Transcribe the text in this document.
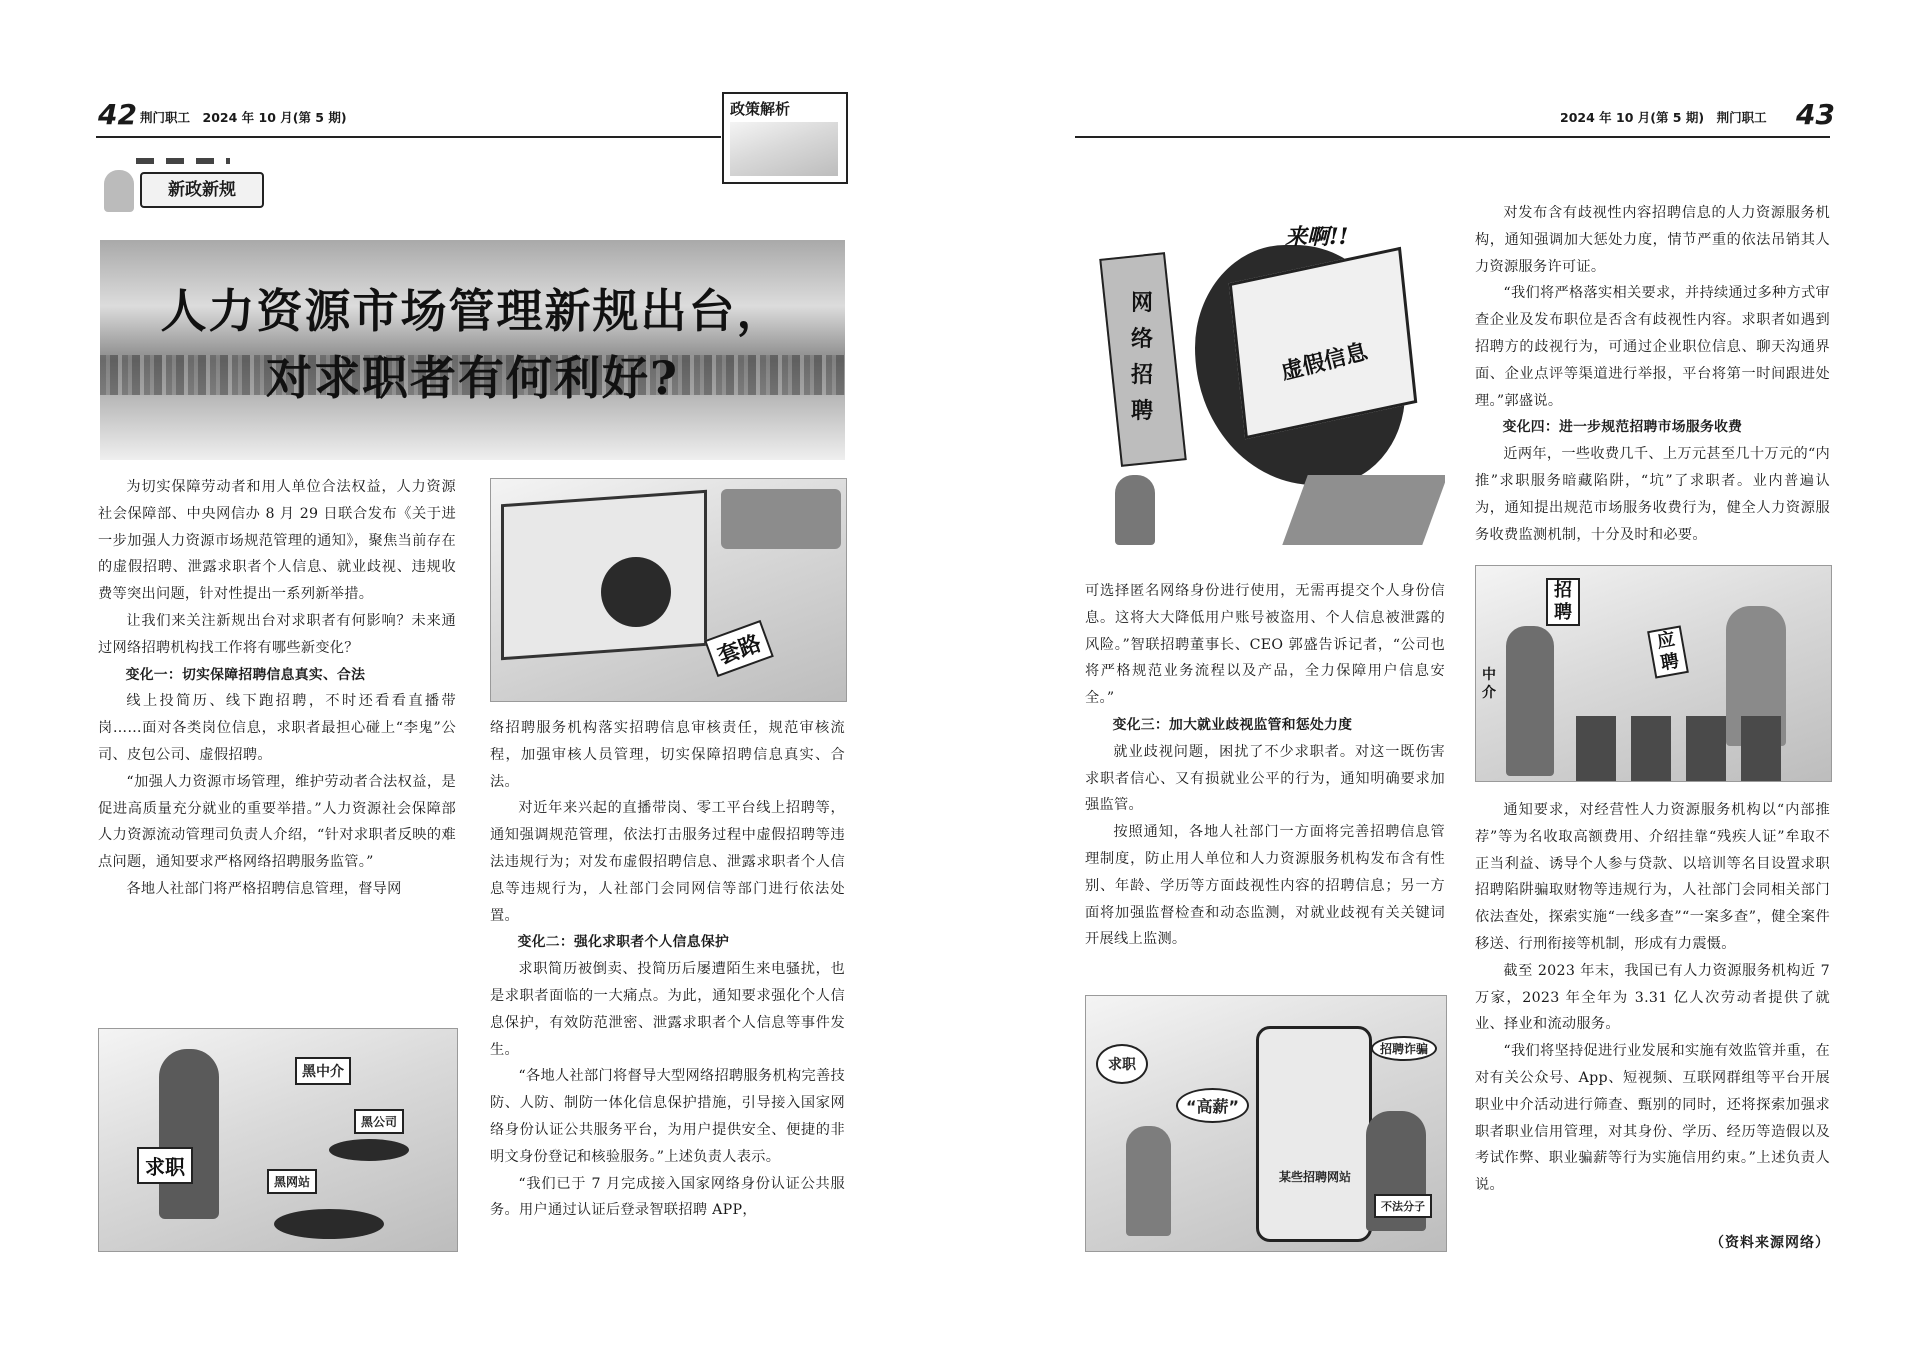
42 荆门职工　2024 年 10 月(第 5 期)	政策解析
新政新规
人力资源市场管理新规出台，
对求职者有何利好?

为切实保障劳动者和用人单位合法权益，人力资源社会保障部、中央网信办 8 月 29 日联合发布《关于进一步加强人力资源市场规范管理的通知》，聚焦当前存在的虚假招聘、泄露求职者个人信息、就业歧视、违规收费等突出问题，针对性提出一系列新举措。

让我们来关注新规出台对求职者有何影响？未来通过网络招聘机构找工作将有哪些新变化？

变化一：切实保障招聘信息真实、合法

线上投简历、线下跑招聘，不时还看看直播带岗……面对各类岗位信息，求职者最担心碰上“李鬼”公司、皮包公司、虚假招聘。

“加强人力资源市场管理，维护劳动者合法权益，是促进高质量充分就业的重要举措。”人力资源社会保障部人力资源流动管理司负责人介绍，“针对求职者反映的难点问题，通知要求严格网络招聘服务监管。”

各地人社部门将严格招聘信息管理，督导网

套路

络招聘服务机构落实招聘信息审核责任，规范审核流程，加强审核人员管理，切实保障招聘信息真实、合法。

对近年来兴起的直播带岗、零工平台线上招聘等，通知强调规范管理，依法打击服务过程中虚假招聘等违法违规行为；对发布虚假招聘信息、泄露求职者个人信息等违规行为，人社部门会同网信等部门进行依法处置。

变化二：强化求职者个人信息保护

求职简历被倒卖、投简历后屡遭陌生来电骚扰，也是求职者面临的一大痛点。为此，通知要求强化个人信息保护，有效防范泄密、泄露求职者个人信息等事件发生。

“各地人社部门将督导大型网络招聘服务机构完善技防、人防、制防一体化信息保护措施，引导接入国家网络身份认证公共服务平台，为用户提供安全、便捷的非明文身份登记和核验服务。”上述负责人表示。

“我们已于 7 月完成接入国家网络身份认证公共服务。用户通过认证后登录智联招聘 APP，

黑中介
黑公司
黑网站
求职
2024 年 10 月(第 5 期)　荆门职工 43
网络招聘
来啊!!
虚假信息

可选择匿名网络身份进行使用，无需再提交个人身份信息。这将大大降低用户账号被盗用、个人信息被泄露的风险。”智联招聘董事长、CEO 郭盛告诉记者，“公司也将严格规范业务流程以及产品，全力保障用户信息安全。”

变化三：加大就业歧视监管和惩处力度

就业歧视问题，困扰了不少求职者。对这一既伤害求职者信心、又有损就业公平的行为，通知明确要求加强监管。

按照通知，各地人社部门一方面将完善招聘信息管理制度，防止用人单位和人力资源服务机构发布含有性别、年龄、学历等方面歧视性内容的招聘信息；另一方面将加强监督检查和动态监测，对就业歧视有关关键词开展线上监测。

求职
“高薪”
某些招聘网站
招聘诈骗
不法分子

对发布含有歧视性内容招聘信息的人力资源服务机构，通知强调加大惩处力度，情节严重的依法吊销其人力资源服务许可证。

“我们将严格落实相关要求，并持续通过多种方式审查企业及发布职位是否含有歧视性内容。求职者如遇到招聘方的歧视行为，可通过企业职位信息、聊天沟通界面、企业点评等渠道进行举报，平台将第一时间跟进处理。”郭盛说。

变化四：进一步规范招聘市场服务收费

近两年，一些收费几千、上万元甚至几十万元的“内推”求职服务暗藏陷阱，“坑”了求职者。业内普遍认为，通知提出规范市场服务收费行为，健全人力资源服务收费监测机制，十分及时和必要。

招聘
应聘
中介

通知要求，对经营性人力资源服务机构以“内部推荐”等为名收取高额费用、介绍挂靠“残疾人证”牟取不正当利益、诱导个人参与贷款、以培训等名目设置求职招聘陷阱骗取财物等违规行为，人社部门会同相关部门依法查处，探索实施“一线多查”“一案多查”，健全案件移送、行刑衔接等机制，形成有力震慑。

截至 2023 年末，我国已有人力资源服务机构近 7 万家，2023 年全年为 3.31 亿人次劳动者提供了就业、择业和流动服务。

“我们将坚持促进行业发展和实施有效监管并重，在对有关公众号、App、短视频、互联网群组等平台开展职业中介活动进行筛查、甄别的同时，还将探索加强求职者职业信用管理，对其身份、学历、经历等造假以及考试作弊、职业骗薪等行为实施信用约束。”上述负责人说。

（资料来源网络）
